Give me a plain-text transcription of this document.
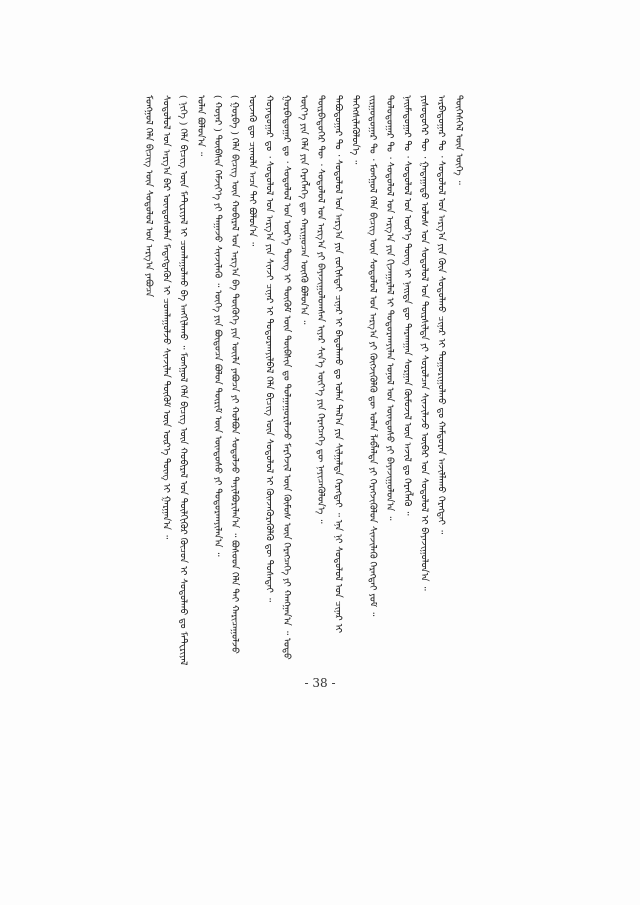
ᠮᠣᠩᠭᠣᠯ ᠬᠡᠯᠡ ᠪᠢᠴᠢᠭ᠌ ᠦᠨ ᠰᠤᠳᠤᠯᠤᠯ ᠤᠨ ᠠᠷᠭ᠎ᠠ ᠶᠠᠪᠤᠴᠠ ᠰᠤᠳᠤᠯᠤᠯ ᠤᠨ ᠠᠷᠭ᠎ᠠ ᠪᠠᠷ ᠦᠨᠳᠦᠰᠦᠯᠡᠨ ᠮᠡᠳᠡᠭᠳᠡᠬᠦᠨ ᠢ ᠴᠤᠭᠯᠠᠭᠤᠯᠵᠤ ᠰᠢᠨᠵᠢᠯᠡᠨ ᠳᠦᠭᠦᠮ ᠦᠨ ᠦᠷ᠎ᠡ ᠳᠦᠩ ᠢ ᠭᠠᠷᠭᠠᠨ᠎ᠠ ᠃ ( ᠨᠢᠭᠡ ) ᠬᠡᠯᠡ ᠪᠢᠴᠢᠭ᠌ ᠦᠨ ᠮᠠᠲ᠋ᠧᠷᠢᠶᠠᠯ ᠢ ᠴᠤᠭᠯᠠᠭᠤᠯᠬᠤ ᠪᠠ ᠠᠩᠭᠢᠯᠠᠬᠤ ᠃ ᠮᠣᠩᠭᠣᠯ ᠬᠡᠯᠡ ᠪᠢᠴᠢᠭ᠌ ᠦᠨ ᠬᠤᠪᠢᠷᠠᠯ ᠤᠨ ᠲᠦᠯᠬᠢᠭᠦᠷ ᠬᠦᠴᠦᠨ ᠢ ᠰᠤᠳᠤᠯᠬᠤ ᠳᠤ ᠮᠠᠲ᠋ᠧᠷᠢᠶᠠᠯ ᠣᠯᠠᠨ ᠪᠣᠯᠤᠨ᠎ᠠ ᠃ ( ᠬᠣᠶᠠᠷ ) ᠲᠦᠪᠰᠢᠨ ᠬᠡᠮᠵᠢᠶ᠎ᠡ ᠶᠢ ᠳᠠᠭᠠᠵᠤ ᠰᠢᠨᠵᠢᠯᠡᠬᠦ ᠃ ᠦᠭᠡ ᠶᠢᠨ ᠪᠦᠲᠦᠴᠡ ᠪᠣᠯᠤᠨ ᠳᠦᠷᠢᠮ ᠦᠨ ᠦᠨᠳᠦᠰᠦ ᠶᠢ ᠲᠣᠳᠤᠷᠬᠠᠶᠢᠯᠠᠨ᠎ᠠ ᠃ ( ᠭᠤᠷᠪᠠ ) ᠬᠡᠯᠡ ᠪᠢᠴᠢᠭ᠌ ᠦᠨ ᠬᠤᠪᠢᠷᠠᠯ ᠤᠨ ᠠᠷᠭ᠎ᠠ ᠪᠠ ᠲᠦᠭᠦᠬᠡ ᠶᠢᠨ ᠦᠢᠯᠡ ᠶᠠᠪᠤᠴᠠ ᠶᠢ ᠬᠤᠯᠪᠣᠨ ᠰᠤᠳᠤᠯᠵᠤ ᠲᠠᠶᠢᠯᠪᠤᠷᠢᠯᠠᠨ᠎ᠠ ᠃ ᠪᠤᠰᠤᠳ ᠬᠡᠯᠡ ᠲᠡᠢ ᠬᠠᠷᠢᠴᠠᠭᠤᠯᠵᠤ ᠦᠵᠡᠬᠦ ᠳᠦ ᠴᠢᠬᠤᠯᠠ ᠠᠴᠠ ᠲᠠᠢ ᠪᠣᠯᠤᠨ᠎ᠠ ᠃ ᠬᠣᠶᠠᠳᠤᠭᠠᠷ ᠳᠤ ᠂ ᠰᠤᠳᠤᠯᠤᠯ ᠤᠨ ᠠᠷᠭ᠎ᠠ ᠶᠢᠨ ᠰᠢᠨᠵᠢ ᠴᠢᠨᠠᠷ ᠢ ᠲᠣᠳᠤᠷᠬᠠᠶᠢᠯᠪᠠᠯ ᠬᠡᠯᠡ ᠪᠢᠴᠢᠭ᠌ ᠦᠨ ᠰᠤᠳᠤᠯᠤᠯ ᠢ ᠭᠦᠨᠵᠡᠭᠦᠷᠡᠭᠦᠯᠬᠦ ᠳᠦ ᠲᠤᠰᠠᠲᠠᠢ ᠃ ᠭᠤᠷᠪᠠᠳᠤᠭᠠᠷ ᠳᠤ ᠂ ᠰᠤᠳᠤᠯᠤᠯ ᠤᠨ ᠦᠷ᠎ᠡ ᠳᠦᠩ ᠢ ᠳᠦᠭᠦᠮ ᠦᠨ ᠲᠦᠪᠰᠢᠨ ᠳᠤ ᠲᠤᠯᠭᠠᠭᠤᠷᠢᠯᠠᠵᠤ ᠮᠡᠷᠭᠡᠵᠢᠯ ᠦᠨ ᠬᠦᠮᠦᠰ ᠦᠨ ᠬᠡᠷᠡᠭᠴᠡᠭᠡ ᠶᠢ ᠬᠠᠩᠭᠠᠨ᠎ᠠ ᠃ ᠣᠳᠣ ᠦᠶ᠎ᠡ ᠶᠢᠨ ᠬᠡᠯᠡ ᠶᠢᠨ ᠬᠡᠷᠡᠭᠯᠡᠭᠡ ᠳᠦ ᠬᠠᠷᠢᠭᠤᠴᠠᠨ ᠦᠭᠬᠦ ᠪᠤᠯᠤᠨ᠎ᠠ ᠃ ᠳᠥᠷᠪᠡᠳᠦᠭᠡᠷ ᠲᠦ ᠂ ᠰᠤᠳᠤᠯᠤᠯ ᠤᠨ ᠠᠷᠭ᠎ᠠ ᠶᠢ ᠪᠠᠶᠠᠵᠢᠭᠤᠯᠤᠭᠰᠠᠨ ᠢᠶᠡᠷ ᠰᠢᠨ᠎ᠡ ᠦᠶ᠎ᠡ ᠶᠢᠨ ᠬᠡᠷᠡᠭᠴᠡᠭᠡ ᠳᠦ ᠨᠡᠶᠢᠴᠡᠭᠦᠯᠦᠨ᠎ᠡ ᠃ ᠲᠠᠪᠤᠳᠤᠭᠠᠷ ᠲᠤ ᠂ ᠰᠤᠳᠤᠯᠤᠯ ᠤᠨ ᠠᠷᠭ᠎ᠠ ᠶᠢᠨ ᠵᠣᠬᠢᠰᠲᠠᠢ ᠴᠢᠨᠠᠷ ᠢ ᠪᠠᠲᠤᠯᠠᠬᠤ ᠳᠤ ᠣᠯᠠᠨ ᠲᠠᠯ᠎ᠠ ᠶᠢᠨ ᠰᠢᠯᠭᠠᠯᠲᠠ ᠬᠡᠷᠡᠭᠲᠡᠢ ᠃ ᠡᠨᠡ ᠨᠢ ᠰᠤᠳᠤᠯᠤᠯ ᠤᠨ ᠴᠢᠨᠠᠷ ᠢ ᠳᠡᠭᠡᠭᠰᠢᠯᠡᠭᠦᠯᠦᠨ᠎ᠡ ᠃ ᠵᠢᠷᠭᠤᠳᠤᠭᠠᠷ ᠲᠤ ᠂ ᠮᠣᠩᠭᠣᠯ ᠬᠡᠯᠡ ᠪᠢᠴᠢᠭ᠌ ᠦᠨ ᠰᠤᠳᠤᠯᠤᠯ ᠤᠨ ᠠᠷᠭ᠎ᠠ ᠶᠢ ᠬᠦᠭᠵᠢᠭᠦᠯᠬᠦ ᠳᠦ ᠣᠯᠠᠨ ᠯᠠᠪᠯᠠᠯᠲᠠ ᠶᠢ ᠬᠡᠷᠡᠭᠵᠢᠭᠦᠯᠦᠨ ᠰᠢᠨᠵᠢᠯᠡᠬᠦ ᠬᠡᠷᠡᠭᠲᠡᠢ ᠶᠤᠮ ᠃ ᠳᠣᠯᠤᠳᠤᠭᠠᠷ ᠲᠤ ᠂ ᠰᠤᠳᠤᠯᠤᠯ ᠤᠨ ᠠᠷᠭ᠎ᠠ ᠶᠢᠨ ᠬᠢᠵᠠᠭᠠᠷᠯᠠᠯ ᠢ ᠲᠣᠳᠤᠷᠬᠠᠶᠢᠯᠠᠨ ᠣᠨᠣᠯ ᠤᠨ ᠦᠨᠳᠦᠰᠦ ᠶᠢ ᠪᠠᠶᠠᠵᠢᠭᠤᠯᠤᠨ᠎ᠠ ᠃ ᠨᠠᠢᠮᠠᠳᠤᠭᠠᠷ ᠲᠤ ᠂ ᠰᠤᠳᠤᠯᠤᠯ ᠤᠨ ᠦᠷ᠎ᠡ ᠳᠦᠩ ᠢ ᠨᠡᠢᠲᠡ ᠳᠦ ᠲᠠᠷᠬᠠᠭᠠᠨ ᠰᠤᠷᠭᠠᠨ ᠬᠦᠮᠦᠵᠢᠯ ᠦᠨ ᠠᠵᠢᠯ ᠳᠤ ᠬᠡᠷᠡᠭᠯᠡᠬᠦ ᠃ ᠶᠢᠰᠦᠳᠦᠭᠡᠷ ᠲᠦ ᠂ ᠭᠠᠳᠠᠭᠠᠳᠤ ᠤᠯᠤᠰ ᠤᠨ ᠰᠤᠳᠤᠯᠤᠯ ᠤᠨ ᠲᠦᠷᠰᠢᠯᠲᠡ ᠶᠢ ᠰᠤᠷᠤᠯᠴᠠᠨ ᠰᠢᠨᠵᠢᠯᠡᠵᠦ ᠦᠪᠡᠷ ᠤᠨ ᠰᠤᠳᠤᠯᠤᠯ ᠢ ᠪᠠᠶᠠᠵᠢᠭᠤᠯᠤᠨ᠎ᠠ ᠃ ᠠᠷᠪᠠᠳᠤᠭᠠᠷ ᠲᠤ ᠂ ᠰᠤᠳᠤᠯᠤᠯ ᠤᠨ ᠠᠷᠭ᠎ᠠ ᠶᠢᠨ ᠭᠦᠨ ᠰᠤᠳᠤᠯᠬᠤ ᠴᠢᠨᠠᠷ ᠢ ᠲᠤᠭᠤᠷᠢᠭᠤᠯᠬᠤ ᠳᠤ ᠬᠠᠮᠲᠤᠷᠠᠨ ᠠᠵᠢᠯᠯᠠᠬᠤ ᠬᠡᠷᠡᠭᠲᠡᠢ ᠃ ᠲᠥᠭᠡᠰᠬᠡᠯ ᠦᠨ ᠦᠭᠡ ᠃
- 38 -
